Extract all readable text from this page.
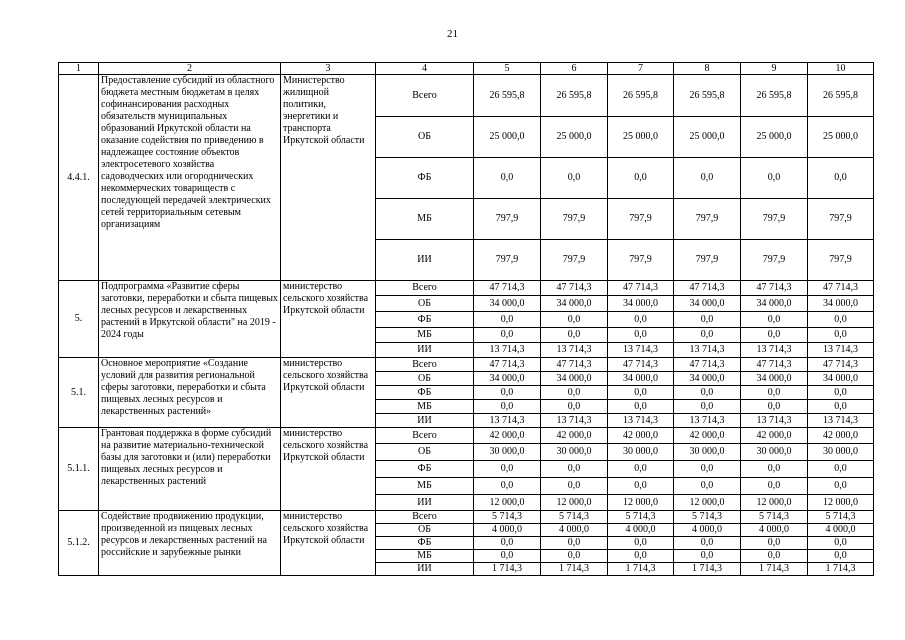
21
1	2	3	4	5	6	7	8	9	10
4.4.1.	Предоставление субсидий из областного бюджета местным бюджетам в целях софинансирования расходных обязательств муниципальных образований Иркутской области на оказание содействия по приведению в надлежащее состояние объектов электросетевого хозяйства садоводческих или огороднических некоммерческих товариществ с последующей передачей электрических сетей территориальным сетевым организациям	Министерство жилищной политики, энергетики и транспорта Иркутской области	Всего	26 595,8	26 595,8	26 595,8	26 595,8	26 595,8	26 595,8
			ОБ	25 000,0	25 000,0	25 000,0	25 000,0	25 000,0	25 000,0
			ФБ	0,0	0,0	0,0	0,0	0,0	0,0
			МБ	797,9	797,9	797,9	797,9	797,9	797,9
			ИИ	797,9	797,9	797,9	797,9	797,9	797,9
5.	Подпрограмма «Развитие сферы заготовки, переработки и сбыта пищевых лесных ресурсов и лекарственных растений в Иркутской области" на 2019 - 2024 годы	министерство сельского хозяйства Иркутской области	Всего	47 714,3	47 714,3	47 714,3	47 714,3	47 714,3	47 714,3
			ОБ	34 000,0	34 000,0	34 000,0	34 000,0	34 000,0	34 000,0
			ФБ	0,0	0,0	0,0	0,0	0,0	0,0
			МБ	0,0	0,0	0,0	0,0	0,0	0,0
			ИИ	13 714,3	13 714,3	13 714,3	13 714,3	13 714,3	13 714,3
5.1.	Основное мероприятие «Создание условий для развития региональной сферы заготовки, переработки и сбыта пищевых лесных ресурсов и лекарственных растений»	министерство сельского хозяйства Иркутской области	Всего	47 714,3	47 714,3	47 714,3	47 714,3	47 714,3	47 714,3
			ОБ	34 000,0	34 000,0	34 000,0	34 000,0	34 000,0	34 000,0
			ФБ	0,0	0,0	0,0	0,0	0,0	0,0
			МБ	0,0	0,0	0,0	0,0	0,0	0,0
			ИИ	13 714,3	13 714,3	13 714,3	13 714,3	13 714,3	13 714,3
5.1.1.	Грантовая поддержка в форме субсидий на развитие материально-технической базы для заготовки и (или) переработки пищевых лесных ресурсов и лекарственных растений	министерство сельского хозяйства Иркутской области	Всего	42 000,0	42 000,0	42 000,0	42 000,0	42 000,0	42 000,0
			ОБ	30 000,0	30 000,0	30 000,0	30 000,0	30 000,0	30 000,0
			ФБ	0,0	0,0	0,0	0,0	0,0	0,0
			МБ	0,0	0,0	0,0	0,0	0,0	0,0
			ИИ	12 000,0	12 000,0	12 000,0	12 000,0	12 000,0	12 000,0
5.1.2.	Содействие продвижению продукции, произведенной из пищевых лесных ресурсов и лекарственных растений на российские и зарубежные рынки	министерство сельского хозяйства Иркутской области	Всего	5 714,3	5 714,3	5 714,3	5 714,3	5 714,3	5 714,3
			ОБ	4 000,0	4 000,0	4 000,0	4 000,0	4 000,0	4 000,0
			ФБ	0,0	0,0	0,0	0,0	0,0	0,0
			МБ	0,0	0,0	0,0	0,0	0,0	0,0
			ИИ	1 714,3	1 714,3	1 714,3	1 714,3	1 714,3	1 714,3
